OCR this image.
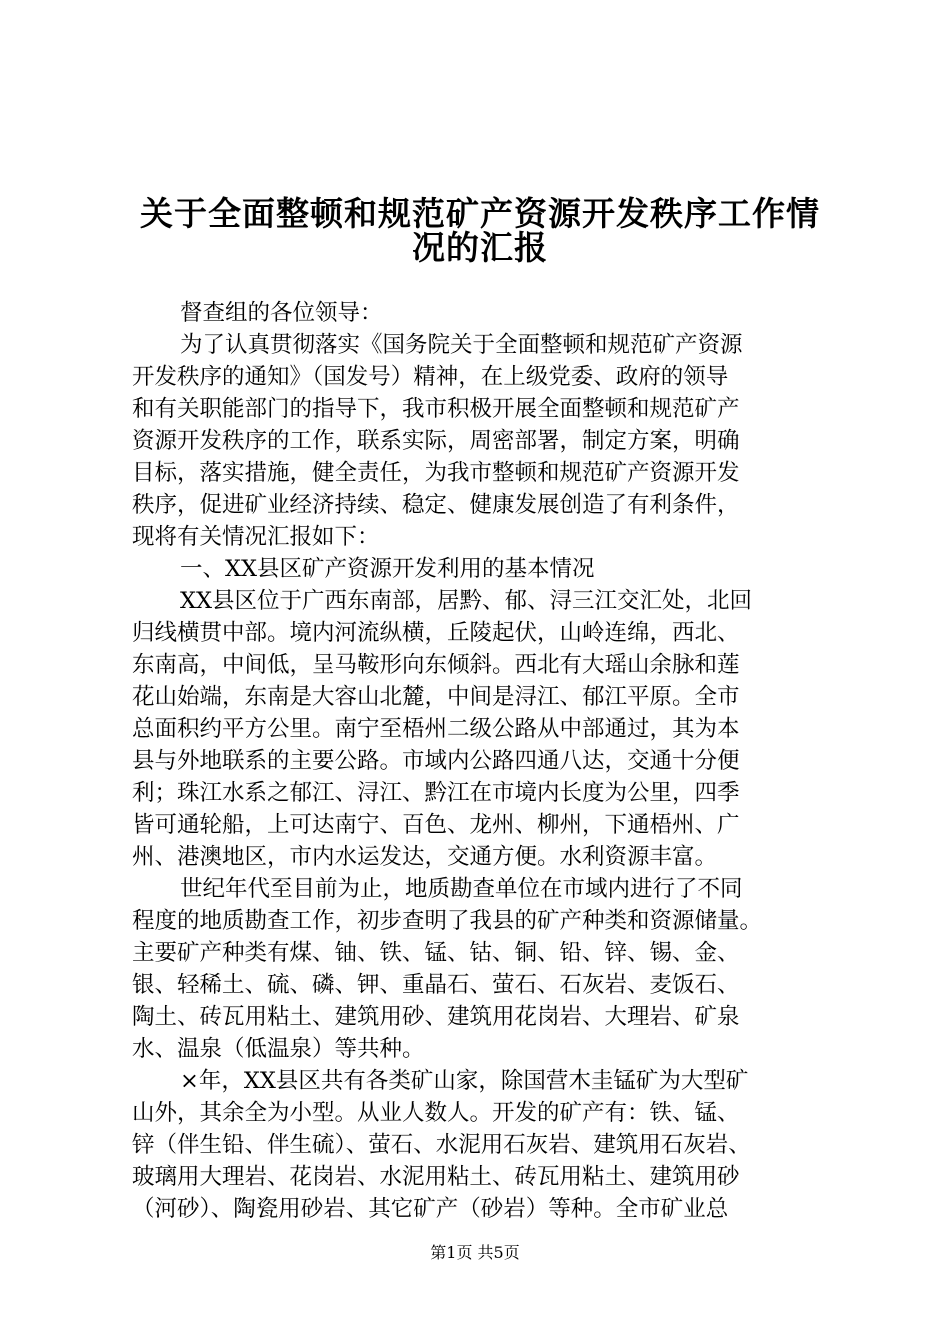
关于全面整顿和规范矿产资源开发秩序工作情
况的汇报
督查组的各位领导：
为了认真贯彻落实《国务院关于全面整顿和规范矿产资源
开发秩序的通知》（国发号）精神，在上级党委、政府的领导
和有关职能部门的指导下，我市积极开展全面整顿和规范矿产
资源开发秩序的工作，联系实际，周密部署，制定方案，明确
目标，落实措施，健全责任，为我市整顿和规范矿产资源开发
秩序，促进矿业经济持续、稳定、健康发展创造了有利条件，
现将有关情况汇报如下：
一、XX县区矿产资源开发利用的基本情况
XX县区位于广西东南部，居黔、郁、浔三江交汇处，北回
归线横贯中部。境内河流纵横，丘陵起伏，山岭连绵，西北、
东南高，中间低，呈马鞍形向东倾斜。西北有大瑶山余脉和莲
花山始端，东南是大容山北麓，中间是浔江、郁江平原。全市
总面积约平方公里。南宁至梧州二级公路从中部通过，其为本
县与外地联系的主要公路。市域内公路四通八达，交通十分便
利；珠江水系之郁江、浔江、黔江在市境内长度为公里，四季
皆可通轮船，上可达南宁、百色、龙州、柳州，下通梧州、广
州、港澳地区，市内水运发达，交通方便。水利资源丰富。
世纪年代至目前为止，地质勘查单位在市域内进行了不同
程度的地质勘查工作，初步查明了我县的矿产种类和资源储量。
主要矿产种类有煤、铀、铁、锰、钴、铜、铅、锌、锡、金、
银、轻稀土、硫、磷、钾、重晶石、萤石、石灰岩、麦饭石、
陶土、砖瓦用粘土、建筑用砂、建筑用花岗岩、大理岩、矿泉
水、温泉（低温泉）等共种。
×年，XX县区共有各类矿山家，除国营木圭锰矿为大型矿
山外，其余全为小型。从业人数人。开发的矿产有：铁、锰、
锌（伴生铅、伴生硫）、萤石、水泥用石灰岩、建筑用石灰岩、
玻璃用大理岩、花岗岩、水泥用粘土、砖瓦用粘土、建筑用砂
（河砂）、陶瓷用砂岩、其它矿产（砂岩）等种。全市矿业总
第1页 共5页
